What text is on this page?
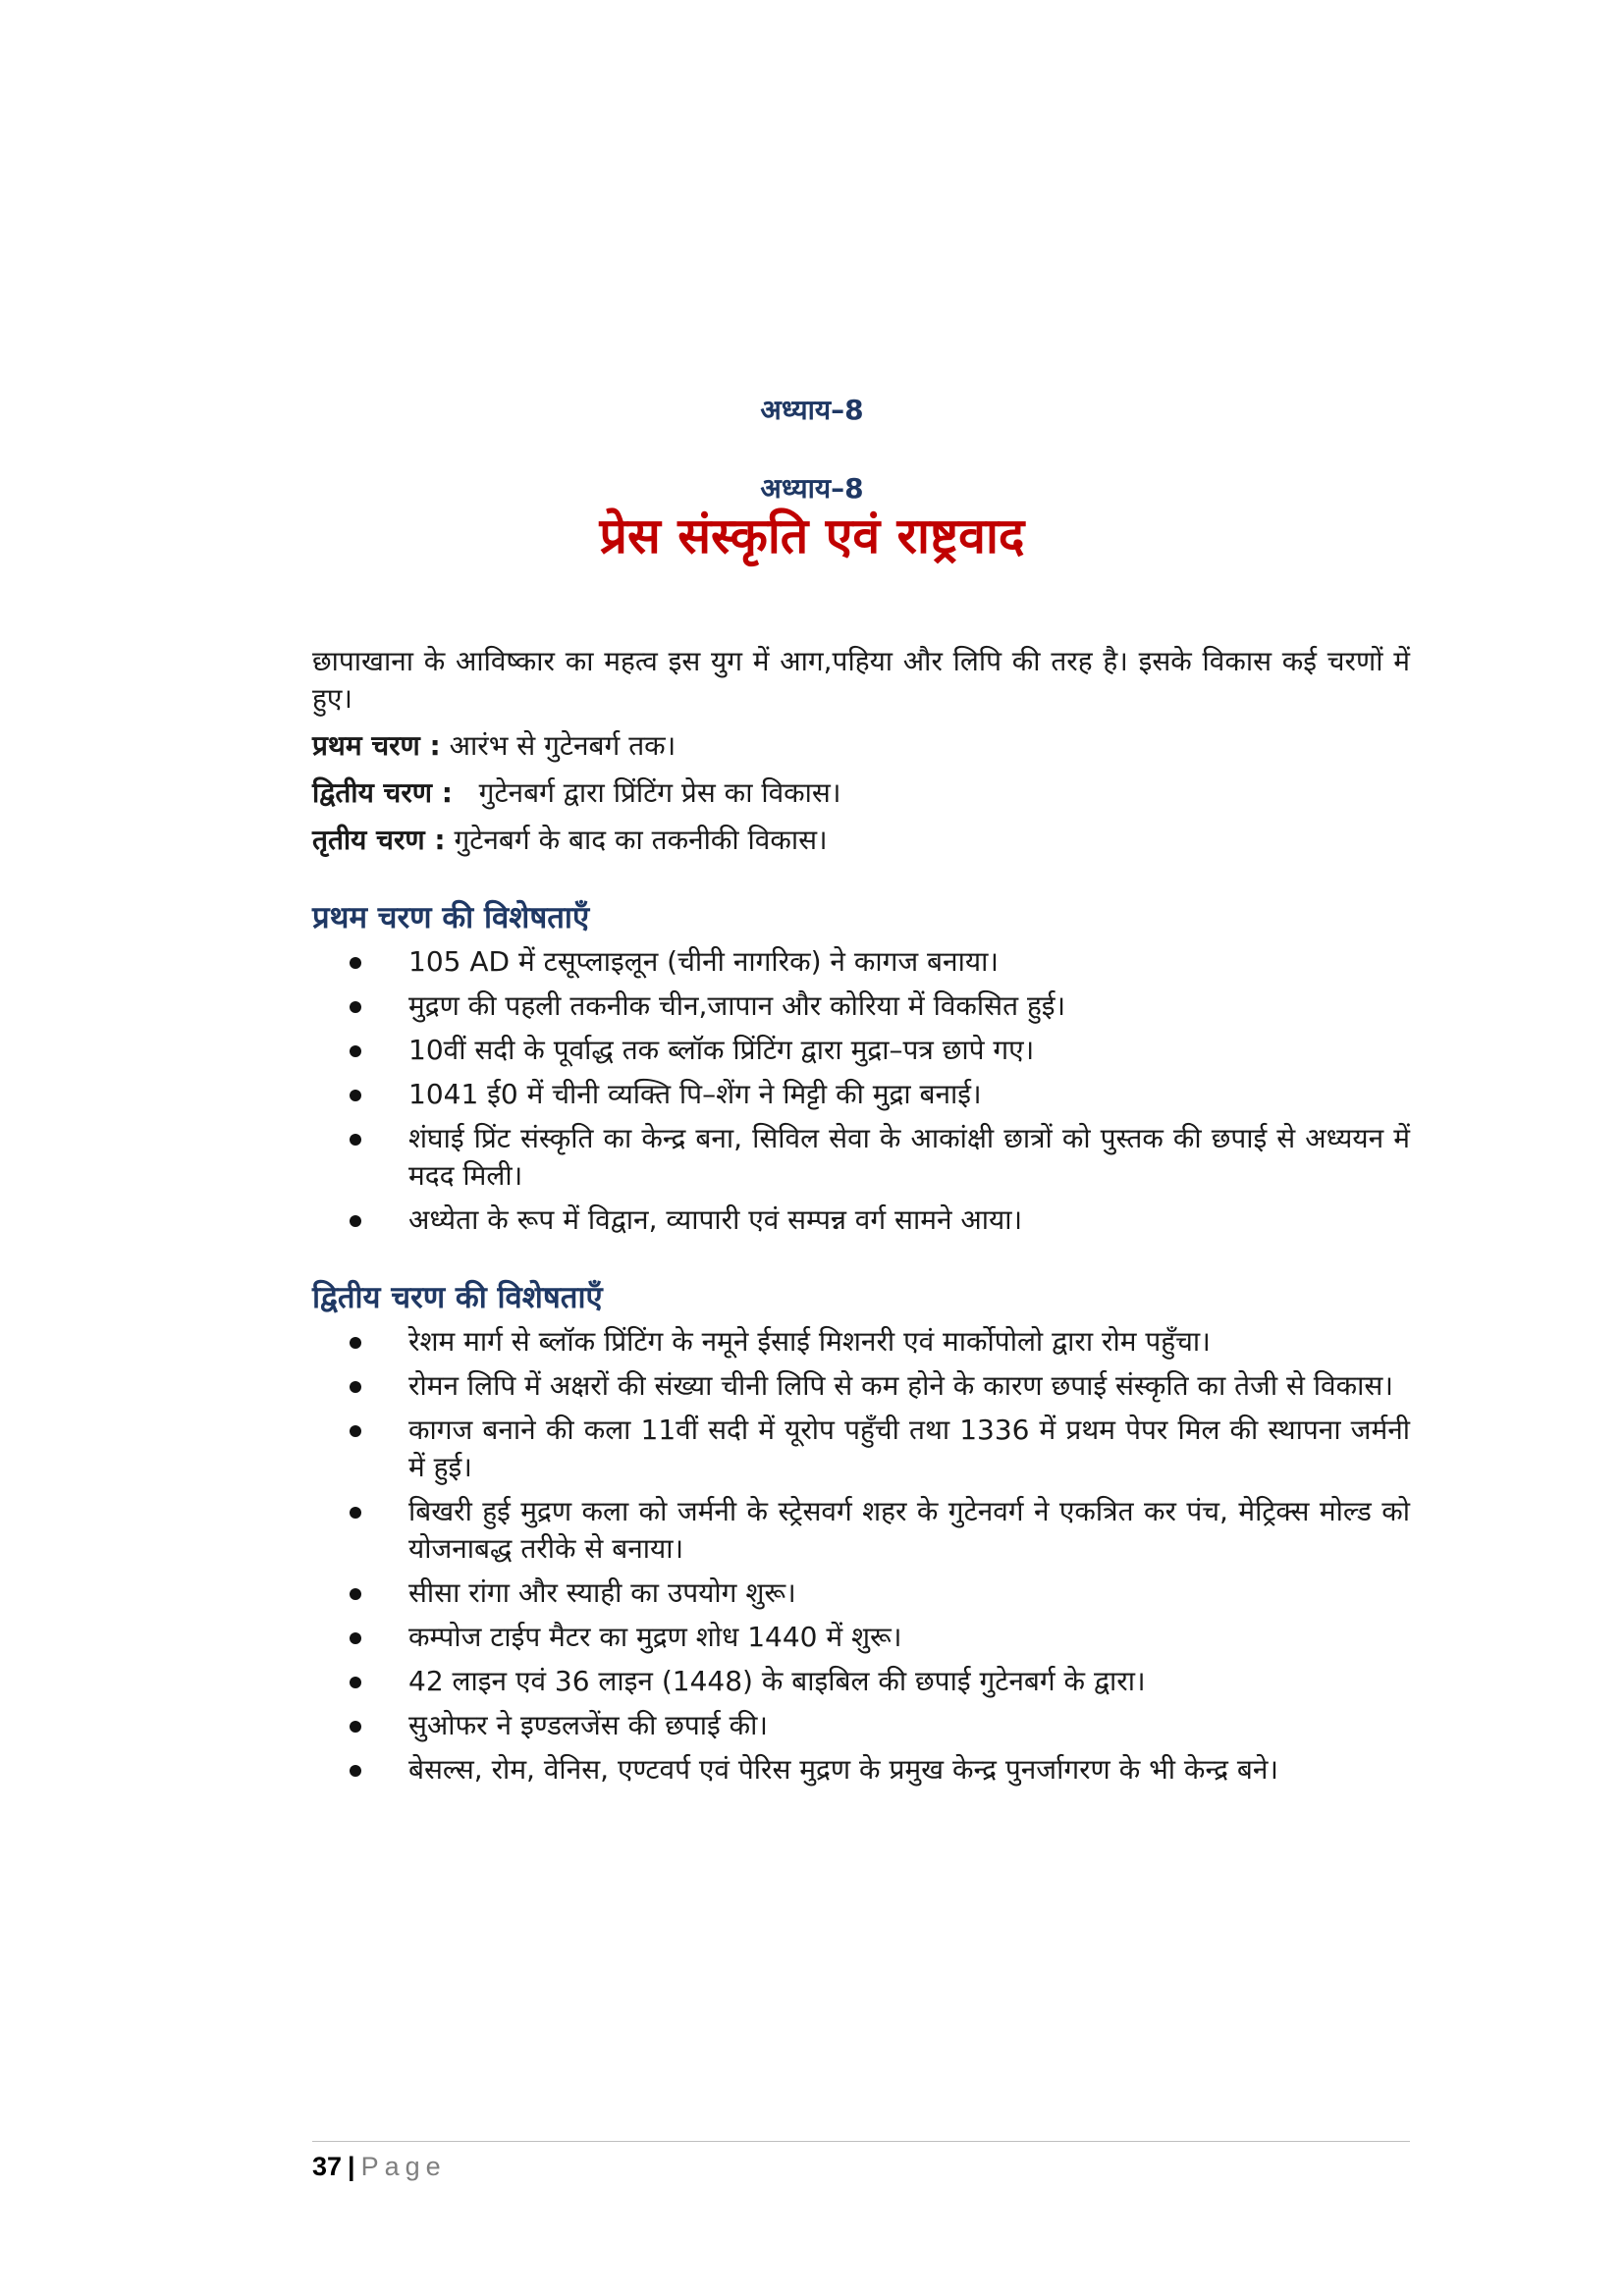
अध्याय–8
अध्याय–8
प्रेस संस्कृति एवं राष्ट्रवाद

छापाखाना के आविष्कार का महत्व इस युग में आग,पहिया और लिपि की तरह है। इसके विकास कई चरणों में हुए।

प्रथम चरण : आरंभ से गुटेनबर्ग तक।
द्वितीय चरण :   गुटेनबर्ग द्वारा प्रिंटिंग प्रेस का विकास।
तृतीय चरण : गुटेनबर्ग के बाद का तकनीकी विकास।
प्रथम चरण की विशेषताएँ
105 AD में टसूप्लाइलून (चीनी नागरिक) ने कागज बनाया।
मुद्रण की पहली तकनीक चीन,जापान और कोरिया में विकसित हुई।
10वीं सदी के पूर्वाद्ध तक ब्लॉक प्रिंटिंग द्वारा मुद्रा–पत्र छापे गए।
1041 ई0 में चीनी व्यक्ति पि–शेंग ने मिट्टी की मुद्रा बनाई।
शंघाई प्रिंट संस्कृति का केन्द्र बना, सिविल सेवा के आकांक्षी छात्रों को पुस्तक की छपाई से अध्ययन में मदद मिली।
अध्येता के रूप में विद्वान, व्यापारी एवं सम्पन्न वर्ग सामने आया।
द्वितीय चरण की विशेषताएँ
रेशम मार्ग से ब्लॉक प्रिंटिंग के नमूने ईसाई मिशनरी एवं मार्कोपोलो द्वारा रोम पहुँचा।
रोमन लिपि में अक्षरों की संख्या चीनी लिपि से कम होने के कारण छपाई संस्कृति का तेजी से विकास।
कागज बनाने की कला 11वीं सदी में यूरोप पहुँची तथा 1336 में प्रथम पेपर मिल की स्थापना जर्मनी में हुई।
बिखरी हुई मुद्रण कला को जर्मनी के स्ट्रेसवर्ग शहर के गुटेनवर्ग ने एकत्रित कर पंच, मेट्रिक्स मोल्ड को योजनाबद्ध तरीके से बनाया।
सीसा रांगा और स्याही का उपयोग शुरू।
कम्पोज टाईप मैटर का मुद्रण शोध 1440 में शुरू।
42 लाइन एवं 36 लाइन (1448) के बाइबिल की छपाई गुटेनबर्ग के द्वारा।
सुओफर ने इण्डलजेंस की छपाई की।
बेसल्स, रोम, वेनिस, एण्टवर्प एवं पेरिस मुद्रण के प्रमुख केन्द्र पुनर्जागरण के भी केन्द्र बने।
37 | Page
